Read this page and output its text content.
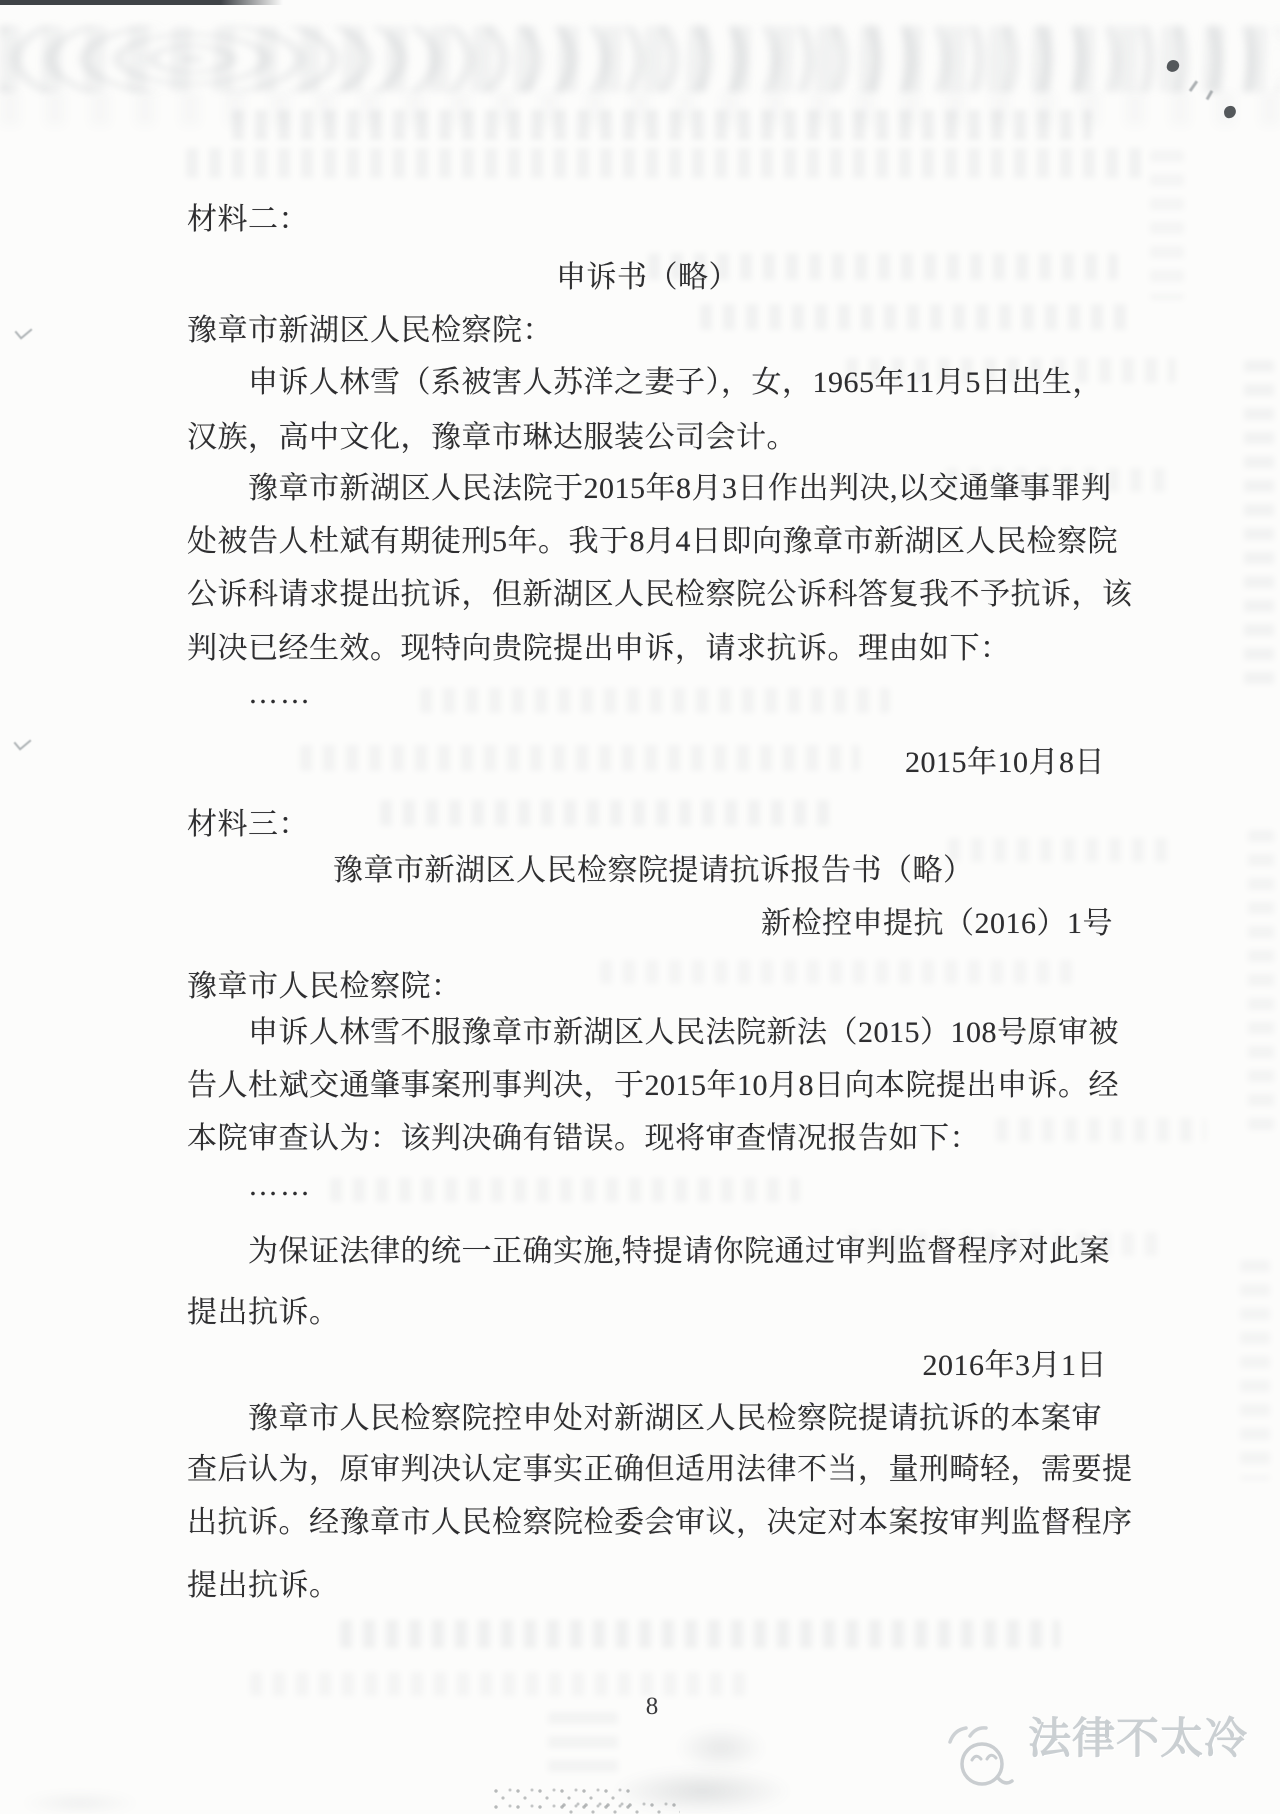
材料二：
申诉书（略）
豫章市新湖区人民检察院：
申诉人林雪（系被害人苏洋之妻子），女，1965年11月5日出生，
汉族，高中文化，豫章市琳达服装公司会计。
豫章市新湖区人民法院于2015年8月3日作出判决,以交通肇事罪判
处被告人杜斌有期徒刑5年。我于8月4日即向豫章市新湖区人民检察院
公诉科请求提出抗诉，但新湖区人民检察院公诉科答复我不予抗诉，该
判决已经生效。现特向贵院提出申诉，请求抗诉。理由如下：
……
2015年10月8日
材料三：
豫章市新湖区人民检察院提请抗诉报告书（略）
新检控申提抗（2016）1号
豫章市人民检察院：
申诉人林雪不服豫章市新湖区人民法院新法（2015）108号原审被
告人杜斌交通肇事案刑事判决，于2015年10月8日向本院提出申诉。经
本院审查认为：该判决确有错误。现将审查情况报告如下：
……
为保证法律的统一正确实施,特提请你院通过审判监督程序对此案
提出抗诉。
2016年3月1日
豫章市人民检察院控申处对新湖区人民检察院提请抗诉的本案审
查后认为，原审判决认定事实正确但适用法律不当，量刑畸轻，需要提
出抗诉。经豫章市人民检察院检委会审议，决定对本案按审判监督程序
提出抗诉。
8
法律不太冷
